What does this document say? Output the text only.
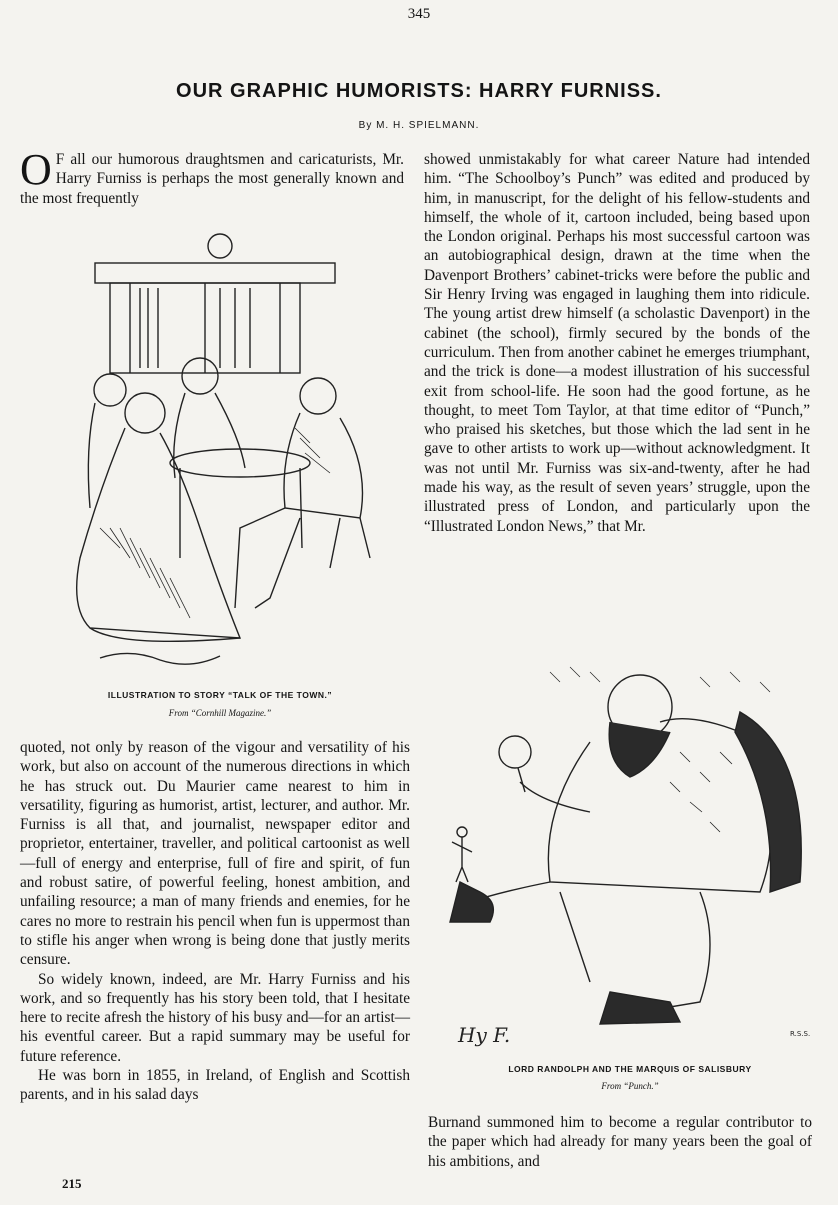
345
OUR GRAPHIC HUMORISTS: HARRY FURNISS.
By M. H. SPIELMANN.
O F all our humorous draughtsmen and caricaturists, Mr. Harry Furniss is perhaps the most generally known and the most frequently
showed unmistakably for what career Nature had intended him. “The Schoolboy’s Punch” was edited and produced by him, in manuscript, for the delight of his fellow-students and himself, the whole of it, cartoon included, being based upon the London original. Perhaps his most successful cartoon was an autobiographical design, drawn at the time when the Davenport Brothers’ cabinet-tricks were before the public and Sir Henry Irving was engaged in laughing them into ridicule. The young artist drew himself (a scholastic Davenport) in the cabinet (the school), firmly secured by the bonds of the curriculum. Then from another cabinet he emerges triumphant, and the trick is done—a modest illustration of his successful exit from school-life. He soon had the good fortune, as he thought, to meet Tom Taylor, at that time editor of “Punch,” who praised his sketches, but those which the lad sent in he gave to other artists to work up—without acknowledgment. It was not until Mr. Furniss was six-and-twenty, after he had made his way, as the result of seven years’ struggle, upon the illustrated press of London, and particularly upon the “Illustrated London News,” that Mr.
ILLUSTRATION TO STORY “TALK OF THE TOWN.”
From “Cornhill Magazine.”

quoted, not only by reason of the vigour and versatility of his work, but also on account of the numerous directions in which he has struck out. Du Maurier came nearest to him in versatility, figuring as humorist, artist, lecturer, and author. Mr. Furniss is all that, and journalist, newspaper editor and proprietor, entertainer, traveller, and political cartoonist as well—full of energy and enterprise, full of fire and spirit, of fun and robust satire, of powerful feeling, honest ambition, and unfailing resource; a man of many friends and enemies, for he cares no more to restrain his pencil when fun is uppermost than to stifle his anger when wrong is being done that justly merits censure.

So widely known, indeed, are Mr. Harry Furniss and his work, and so frequently has his story been told, that I hesitate here to recite afresh the history of his busy and—for an artist—his eventful career. But a rapid summary may be useful for future reference.

He was born in 1855, in Ireland, of English and Scottish parents, and in his salad days

Hy F.	R.S.S.
LORD RANDOLPH AND THE MARQUIS OF SALISBURY
From “Punch.”
Burnand summoned him to become a regular contributor to the paper which had already for many years been the goal of his ambitions, and
215
